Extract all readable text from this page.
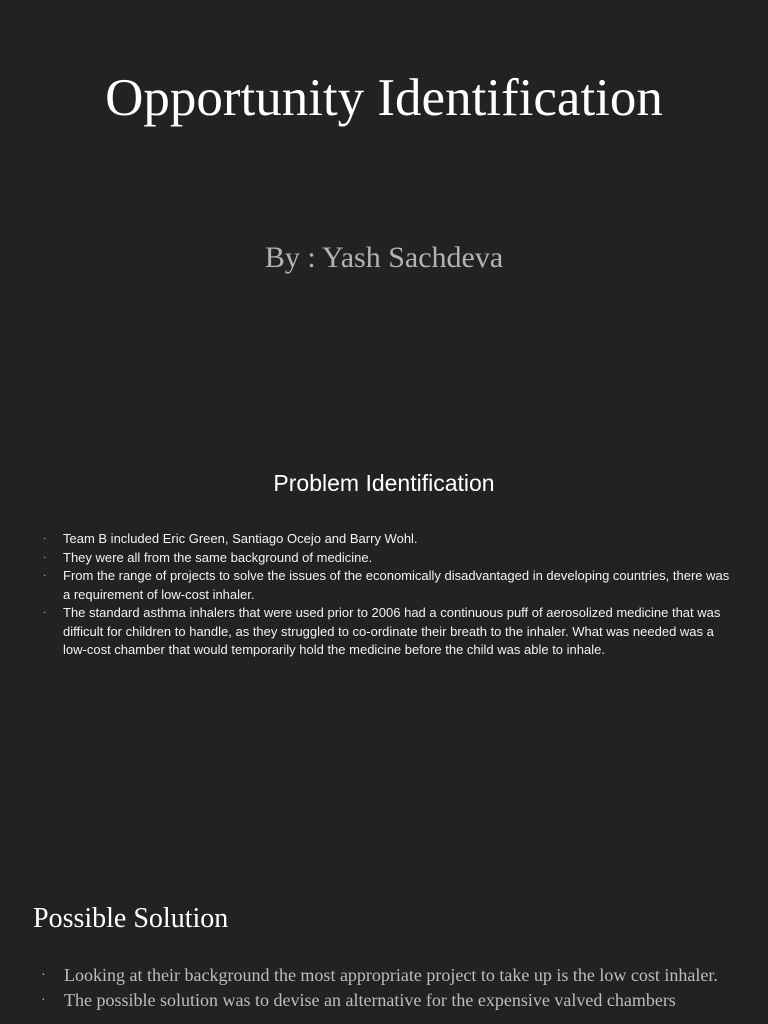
Opportunity Identification

By : Yash Sachdeva

Problem Identification
· Team B included Eric Green, Santiago Ocejo and Barry Wohl.
· They were all from the same background of medicine.
· From the range of projects to solve the issues of the economically disadvantaged in developing countries, there was a requirement of low-cost inhaler.
· The standard asthma inhalers that were used prior to 2006 had a continuous puff of aerosolized medicine that was difficult for children to handle, as they struggled to co-ordinate their breath to the inhaler. What was needed was a low-cost chamber that would temporarily hold the medicine before the child was able to inhale.
Possible Solution
· Looking at their background the most appropriate project to take up is the low cost inhaler.
· The possible solution was to devise an alternative for the expensive valved chambers
